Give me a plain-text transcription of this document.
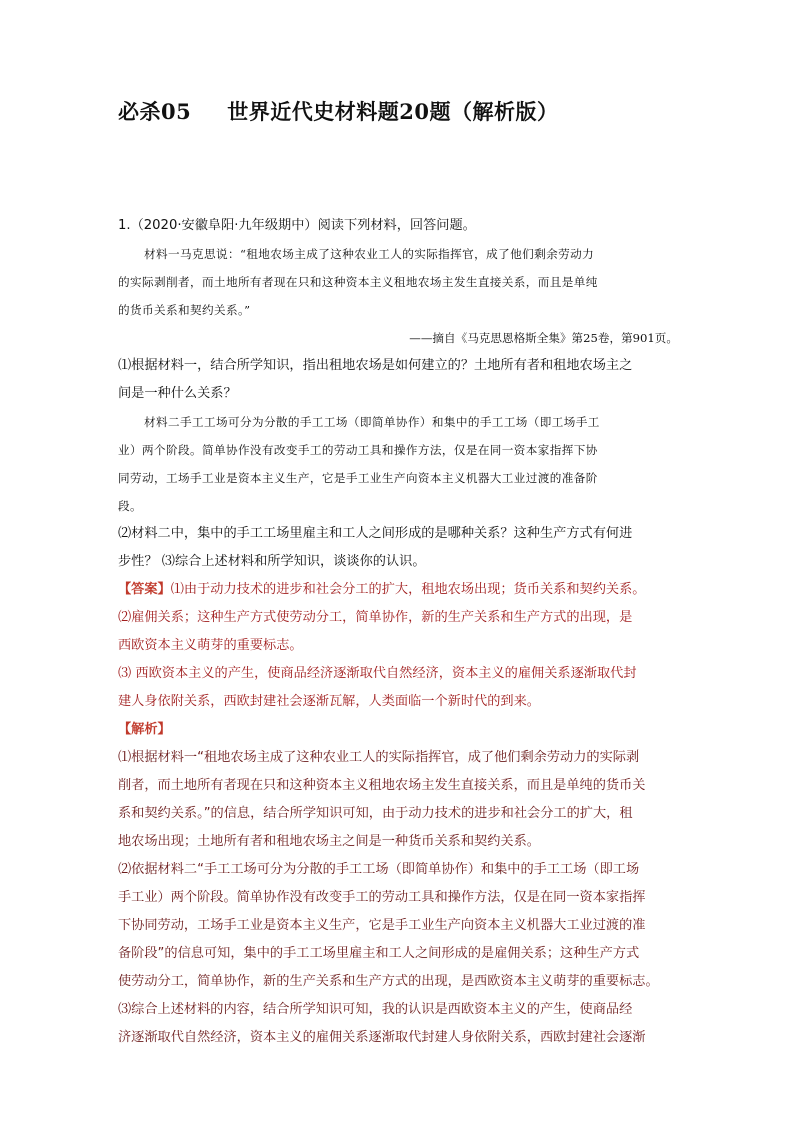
必杀05 世界近代史材料题20题（解析版）
1.（2020·安徽阜阳·九年级期中）阅读下列材料，回答问题。
材料一马克思说：“租地农场主成了这种农业工人的实际指挥官，成了他们剩余劳动力
的实际剥削者，而土地所有者现在只和这种资本主义租地农场主发生直接关系，而且是单纯
的货币关系和契约关系。”
——摘自《马克思恩格斯全集》第25卷，第901页。
⑴根据材料一，结合所学知识，指出租地农场是如何建立的？土地所有者和租地农场主之
间是一种什么关系？
材料二手工工场可分为分散的手工工场（即简单协作）和集中的手工工场（即工场手工
业）两个阶段。简单协作没有改变手工的劳动工具和操作方法，仅是在同一资本家指挥下协
同劳动，工场手工业是资本主义生产，它是手工业生产向资本主义机器大工业过渡的准备阶
段。
⑵材料二中，集中的手工工场里雇主和工人之间形成的是哪种关系？这种生产方式有何进
步性？ ⑶综合上述材料和所学知识，谈谈你的认识。
【答案】⑴由于动力技术的进步和社会分工的扩大，租地农场出现；货币关系和契约关系。
⑵雇佣关系；这种生产方式使劳动分工，简单协作，新的生产关系和生产方式的出现，是
西欧资本主义萌芽的重要标志。
⑶ 西欧资本主义的产生，使商品经济逐渐取代自然经济，资本主义的雇佣关系逐渐取代封
建人身依附关系，西欧封建社会逐渐瓦解，人类面临一个新时代的到来。
【解析】
⑴根据材料一“租地农场主成了这种农业工人的实际指挥官，成了他们剩余劳动力的实际剥
削者，而土地所有者现在只和这种资本主义租地农场主发生直接关系，而且是单纯的货币关
系和契约关系。”的信息，结合所学知识可知，由于动力技术的进步和社会分工的扩大，租
地农场出现；土地所有者和租地农场主之间是一种货币关系和契约关系。
⑵依据材料二“手工工场可分为分散的手工工场（即简单协作）和集中的手工工场（即工场
手工业）两个阶段。简单协作没有改变手工的劳动工具和操作方法，仅是在同一资本家指挥
下协同劳动，工场手工业是资本主义生产，它是手工业生产向资本主义机器大工业过渡的准
备阶段”的信息可知，集中的手工工场里雇主和工人之间形成的是雇佣关系；这种生产方式
使劳动分工，简单协作，新的生产关系和生产方式的出现，是西欧资本主义萌芽的重要标志。
⑶综合上述材料的内容，结合所学知识可知，我的认识是西欧资本主义的产生，使商品经
济逐渐取代自然经济，资本主义的雇佣关系逐渐取代封建人身依附关系，西欧封建社会逐渐
